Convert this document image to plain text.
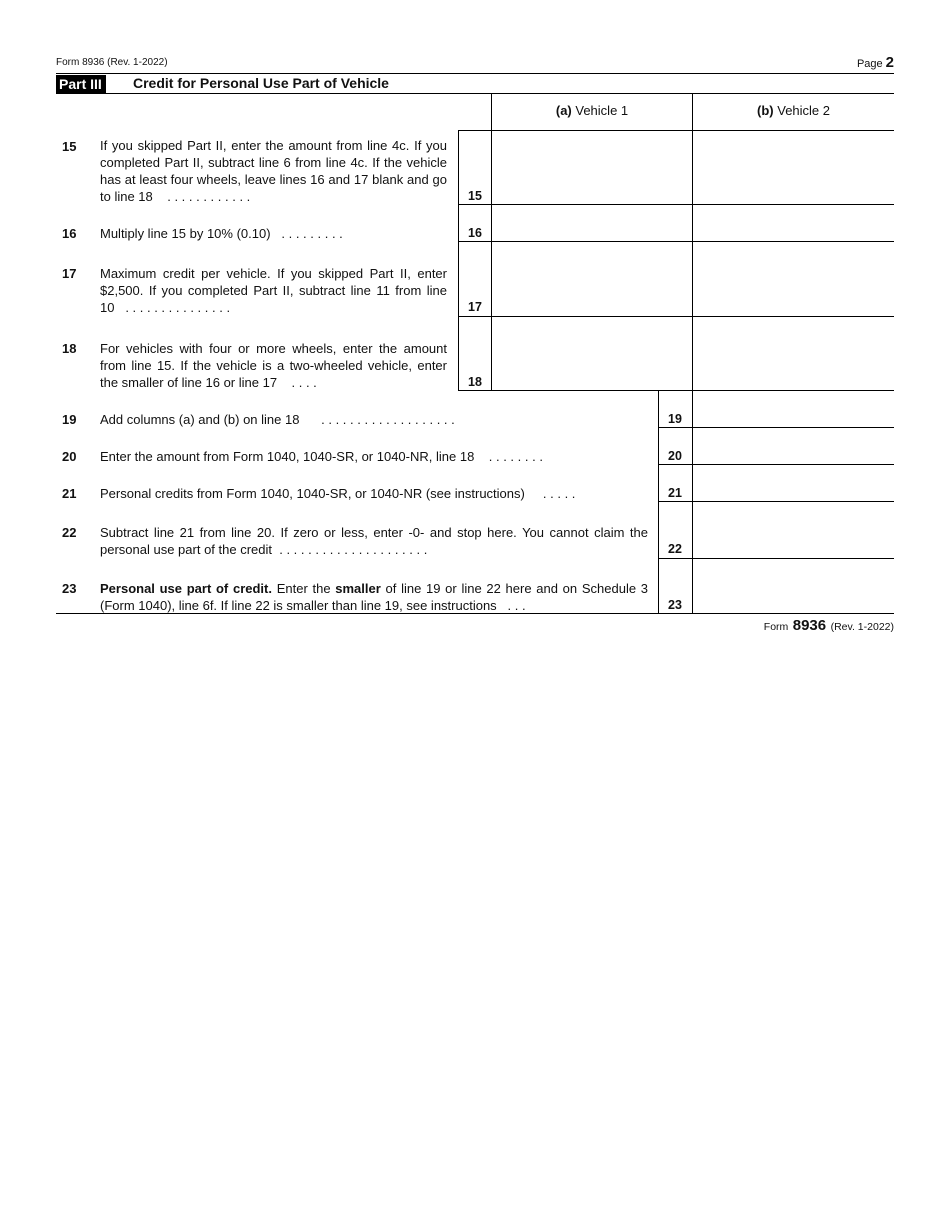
Form 8936 (Rev. 1-2022)	Page 2
Part III Credit for Personal Use Part of Vehicle
(a) Vehicle 1	(b) Vehicle 2
15 If you skipped Part II, enter the amount from line 4c. If you completed Part II, subtract line 6 from line 4c. If the vehicle has at least four wheels, leave lines 16 and 17 blank and go to line 18 . . . . . . . . . . . .	15
16 Multiply line 15 by 10% (0.10) . . . . . . . . .	16
17 Maximum credit per vehicle. If you skipped Part II, enter $2,500. If you completed Part II, subtract line 11 from line 10 . . . . . . . . . . . . . . .	17
18 For vehicles with four or more wheels, enter the amount from line 15. If the vehicle is a two-wheeled vehicle, enter the smaller of line 16 or line 17 . . . .	18
19 Add columns (a) and (b) on line 18 . . . . . . . . . . . . . . . . . . .	19
20 Enter the amount from Form 1040, 1040-SR, or 1040-NR, line 18 . . . . . . . .	20
21 Personal credits from Form 1040, 1040-SR, or 1040-NR (see instructions) . . . . .	21
22 Subtract line 21 from line 20. If zero or less, enter -0- and stop here. You cannot claim the personal use part of the credit . . . . . . . . . . . . . . . . . . . . .	22
23 Personal use part of credit. Enter the smaller of line 19 or line 22 here and on Schedule 3 (Form 1040), line 6f. If line 22 is smaller than line 19, see instructions . . .	23
Form 8936 (Rev. 1-2022)
